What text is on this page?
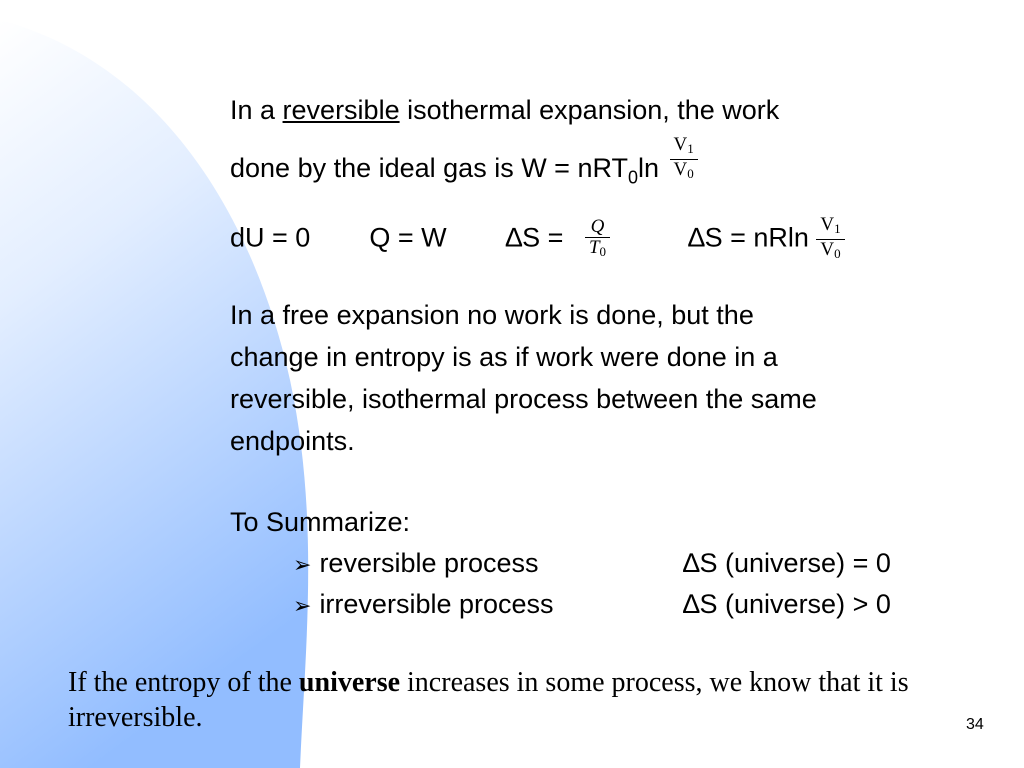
In a reversible isothermal expansion, the work
done by the ideal gas is $W = nRT_0\ln \frac{V_1}{V_0}$
dU = 0 Q = W $\Delta S = \frac{Q}{T_0}$	∆S = nRln $\frac{V_1}{V_0}$
In a free expansion no work is done, but the
change in entropy is as if work were done in a
reversible, isothermal process between the same
endpoints.
To Summarize:
➢ reversible process	∆S (universe) = 0
➢ irreversible process	∆S (universe) > 0
If the entropy of the universe increases in some process, we know that it is irreversible.	34
